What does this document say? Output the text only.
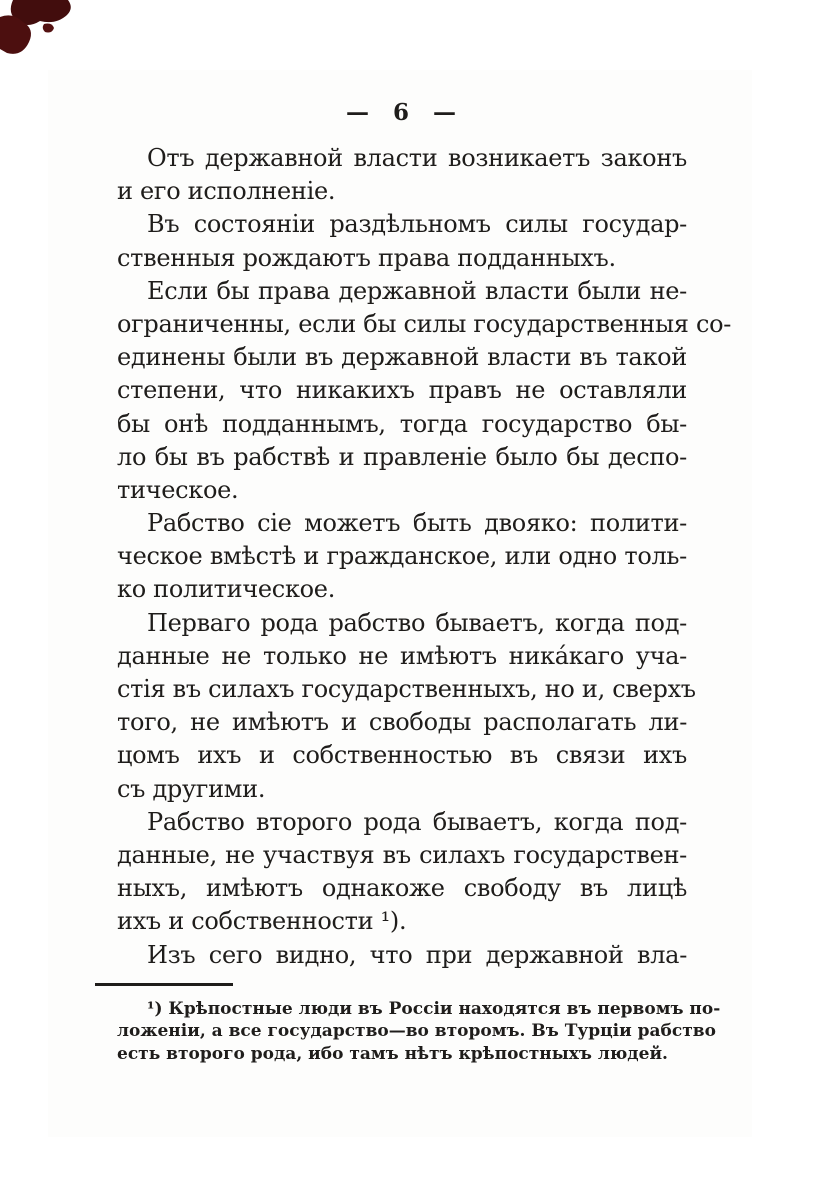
— 6 —
Отъ державной власти возникаетъ законъ
и его исполненіе.
Въ состояніи раздѣльномъ силы государ-
ственныя рождаютъ права подданныхъ.
Если бы права державной власти были не-
ограниченны, если бы силы государственныя со-
единены были въ державной власти въ такой
степени, что никакихъ правъ не оставляли
бы онѣ подданнымъ, тогда государство бы-
ло бы въ рабствѣ и правленіе было бы деспо-
тическое.
Рабство сіе можетъ быть двояко: полити-
ческое вмѣстѣ и гражданское, или одно толь-
ко политическое.
Перваго рода рабство бываетъ, когда под-
данные не только не имѣютъ ника́каго уча-
стія въ силахъ государственныхъ, но и, сверхъ
того, не имѣютъ и свободы располагать ли-
цомъ ихъ и собственностью въ связи ихъ
съ другими.
Рабство второго рода бываетъ, когда под-
данные, не участвуя въ силахъ государствен-
ныхъ, имѣютъ однакоже свободу въ лицѣ
ихъ и собственности ¹).
Изъ сего видно, что при державной вла-
¹) Крѣпостные люди въ Россіи находятся въ первомъ по-
ложеніи, а все государство—во второмъ. Въ Турціи рабство
есть второго рода, ибо тамъ нѣтъ крѣпостныхъ людей.
